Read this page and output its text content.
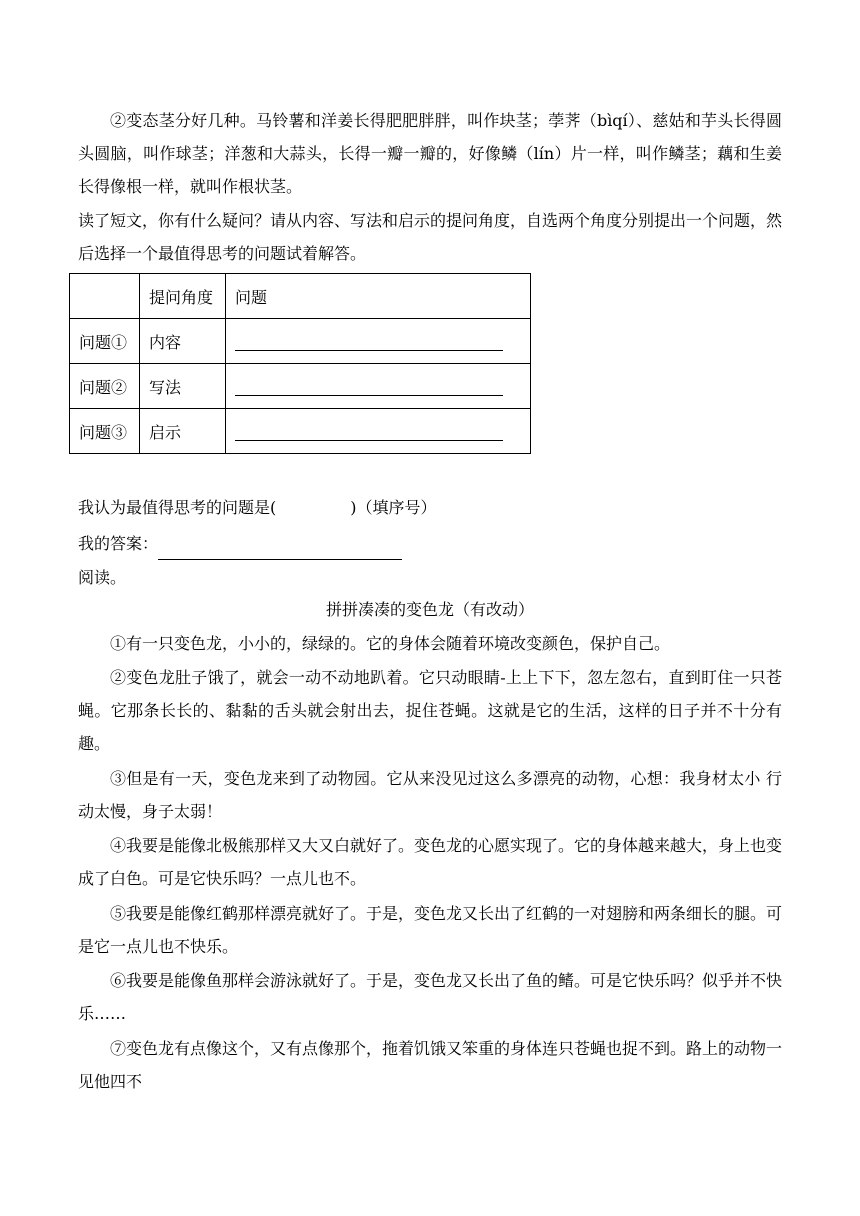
②变态茎分好几种。马铃薯和洋姜长得肥肥胖胖，叫作块茎；荸荠（bìqí）、慈姑和芋头长得圆头圆脑，叫作球茎；洋葱和大蒜头，长得一瓣一瓣的，好像鳞（lín）片一样，叫作鳞茎；藕和生姜长得像根一样，就叫作根状茎。
读了短文，你有什么疑问？请从内容、写法和启示的提问角度，自选两个角度分别提出一个问题，然后选择一个最值得思考的问题试着解答。
	提问角度	问题
问题①	内容	
问题②	写法	
问题③	启示	
我认为最值得思考的问题是(	)（填序号）
我的答案：
阅读。
拼拼凑凑的变色龙（有改动）
①有一只变色龙，小小的，绿绿的。它的身体会随着环境改变颜色，保护自己。
②变色龙肚子饿了，就会一动不动地趴着。它只动眼睛-上上下下，忽左忽右，直到盯住一只苍蝇。它那条长长的、黏黏的舌头就会射出去，捉住苍蝇。这就是它的生活，这样的日子并不十分有趣。
③但是有一天，变色龙来到了动物园。它从来没见过这么多漂亮的动物，心想：我身材太小 行动太慢，身子太弱！
④我要是能像北极熊那样又大又白就好了。变色龙的心愿实现了。它的身体越来越大，身上也变成了白色。可是它快乐吗？一点儿也不。
⑤我要是能像红鹤那样漂亮就好了。于是，变色龙又长出了红鹤的一对翅膀和两条细长的腿。可是它一点儿也不快乐。
⑥我要是能像鱼那样会游泳就好了。于是，变色龙又长出了鱼的鳍。可是它快乐吗？似乎并不快乐……
⑦变色龙有点像这个，又有点像那个，拖着饥饿又笨重的身体连只苍蝇也捉不到。路上的动物一见他四不
